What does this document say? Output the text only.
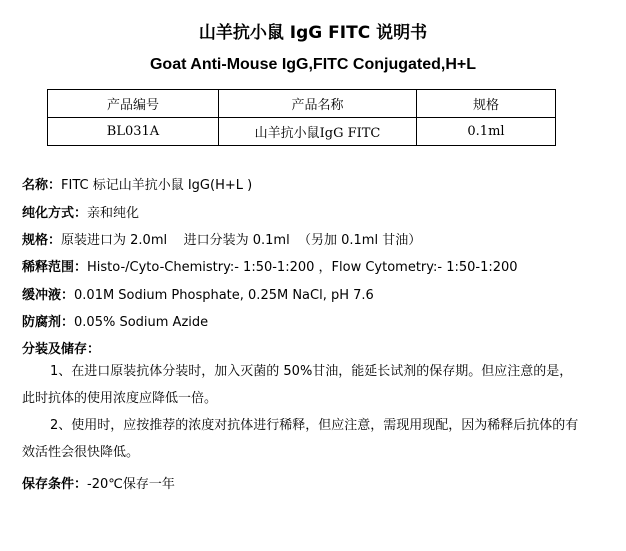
山羊抗小鼠 IgG FITC 说明书
Goat Anti-Mouse IgG,FITC Conjugated,H+L
产品编号	产品名称	规格
BL031A	山羊抗小鼠IgG FITC	0.1ml
名称：FITC 标记山羊抗小鼠 IgG(H+L )
纯化方式：亲和纯化
规格：原装进口为 2.0ml    进口分装为 0.1ml  （另加 0.1ml 甘油）
稀释范围：Histo-/Cyto-Chemistry:- 1:50-1:200 ，Flow Cytometry:- 1:50-1:200
缓冲液：0.01M Sodium Phosphate, 0.25M NaCl, pH 7.6
防腐剂：0.05% Sodium Azide
分装及储存：
1、在进口原装抗体分装时，加入灭菌的 50%甘油，能延长试剂的保存期。但应注意的是，此时抗体的使用浓度应降低一倍。
2、使用时，应按推荐的浓度对抗体进行稀释，但应注意，需现用现配，因为稀释后抗体的有效活性会很快降低。
保存条件：-20℃保存一年
